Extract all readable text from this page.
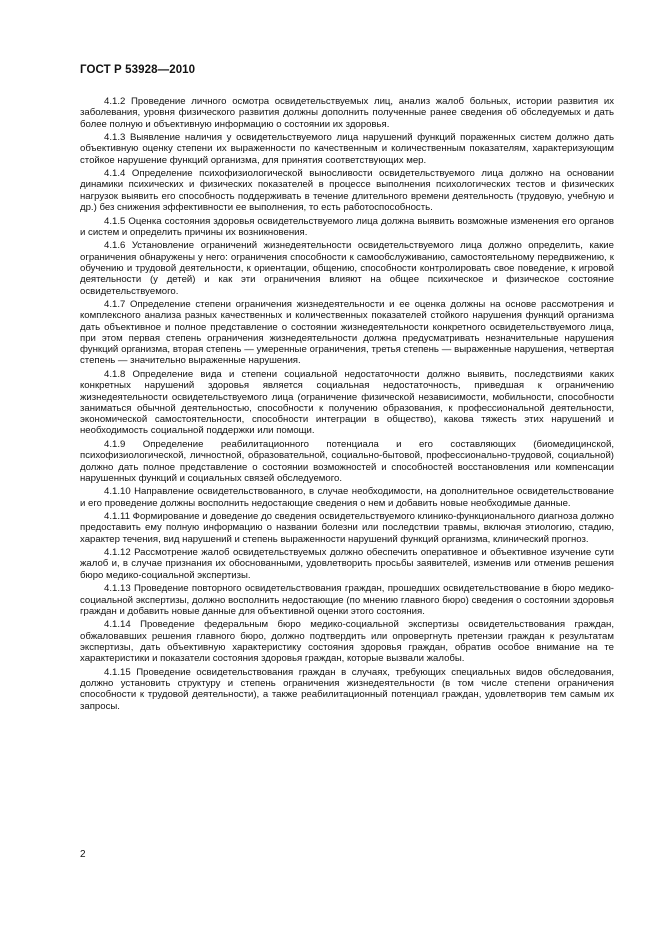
ГОСТ Р 53928—2010

4.1.2 Проведение личного осмотра освидетельствуемых лиц, анализ жалоб больных, истории развития их заболевания, уровня физического развития должны дополнить полученные ранее сведения об обследуемых и дать более полную и объективную информацию о состоянии их здоровья.

4.1.3 Выявление наличия у освидетельствуемого лица нарушений функций пораженных систем должно дать объективную оценку степени их выраженности по качественным и количественным показателям, характеризующим стойкое нарушение функций организма, для принятия соответствующих мер.

4.1.4 Определение психофизиологической выносливости освидетельствуемого лица должно на основании динамики психических и физических показателей в процессе выполнения психологических тестов и физических нагрузок выявить его способность поддерживать в течение длительного времени деятельность (трудовую, учебную и др.) без снижения эффективности ее выполнения, то есть работоспособность.

4.1.5 Оценка состояния здоровья освидетельствуемого лица должна выявить возможные изменения его органов и систем и определить причины их возникновения.

4.1.6 Установление ограничений жизнедеятельности освидетельствуемого лица должно определить, какие ограничения обнаружены у него: ограничения способности к самообслуживанию, самостоятельному передвижению, к обучению и трудовой деятельности, к ориентации, общению, способности контролировать свое поведение, к игровой деятельности (у детей) и как эти ограничения влияют на общее психическое и физическое состояние освидетельствуемого.

4.1.7 Определение степени ограничения жизнедеятельности и ее оценка должны на основе рассмотрения и комплексного анализа разных качественных и количественных показателей стойкого нарушения функций организма дать объективное и полное представление о состоянии жизнедеятельности конкретного освидетельствуемого лица, при этом первая степень ограничения жизнедеятельности должна предусматривать незначительные нарушения функций организма, вторая степень — умеренные ограничения, третья степень — выраженные нарушения, четвертая степень — значительно выраженные нарушения.

4.1.8 Определение вида и степени социальной недостаточности должно выявить, последствиями каких конкретных нарушений здоровья является социальная недостаточность, приведшая к ограничению жизнедеятельности освидетельствуемого лица (ограничение физической независимости, мобильности, способности заниматься обычной деятельностью, способности к получению образования, к профессиональной деятельности, экономической самостоятельности, способности интеграции в общество), какова тяжесть этих нарушений и необходимость социальной поддержки или помощи.

4.1.9 Определение реабилитационного потенциала и его составляющих (биомедицинской, психофизиологической, личностной, образовательной, социально-бытовой, профессионально-трудовой, социальной) должно дать полное представление о состоянии возможностей и способностей восстановления или компенсации нарушенных функций и социальных связей обследуемого.

4.1.10 Направление освидетельствованного, в случае необходимости, на дополнительное освидетельствование и его проведение должны восполнить недостающие сведения о нем и добавить новые необходимые данные.

4.1.11 Формирование и доведение до сведения освидетельствуемого клинико-функционального диагноза должно предоставить ему полную информацию о названии болезни или последствии травмы, включая этиологию, стадию, характер течения, вид нарушений и степень выраженности нарушений функций организма, клинический прогноз.

4.1.12 Рассмотрение жалоб освидетельствуемых должно обеспечить оперативное и объективное изучение сути жалоб и, в случае признания их обоснованными, удовлетворить просьбы заявителей, изменив или отменив решения бюро медико-социальной экспертизы.

4.1.13 Проведение повторного освидетельствования граждан, прошедших освидетельствование в бюро медико-социальной экспертизы, должно восполнить недостающие (по мнению главного бюро) сведения о состоянии здоровья граждан и добавить новые данные для объективной оценки этого состояния.

4.1.14 Проведение федеральным бюро медико-социальной экспертизы освидетельствования граждан, обжаловавших решения главного бюро, должно подтвердить или опровергнуть претензии граждан к результатам экспертизы, дать объективную характеристику состояния здоровья граждан, обратив особое внимание на те характеристики и показатели состояния здоровья граждан, которые вызвали жалобы.

4.1.15 Проведение освидетельствования граждан в случаях, требующих специальных видов обследования, должно установить структуру и степень ограничения жизнедеятельности (в том числе степени ограничения способности к трудовой деятельности), а также реабилитационный потенциал граждан, удовлетворив тем самым их запросы.

2
